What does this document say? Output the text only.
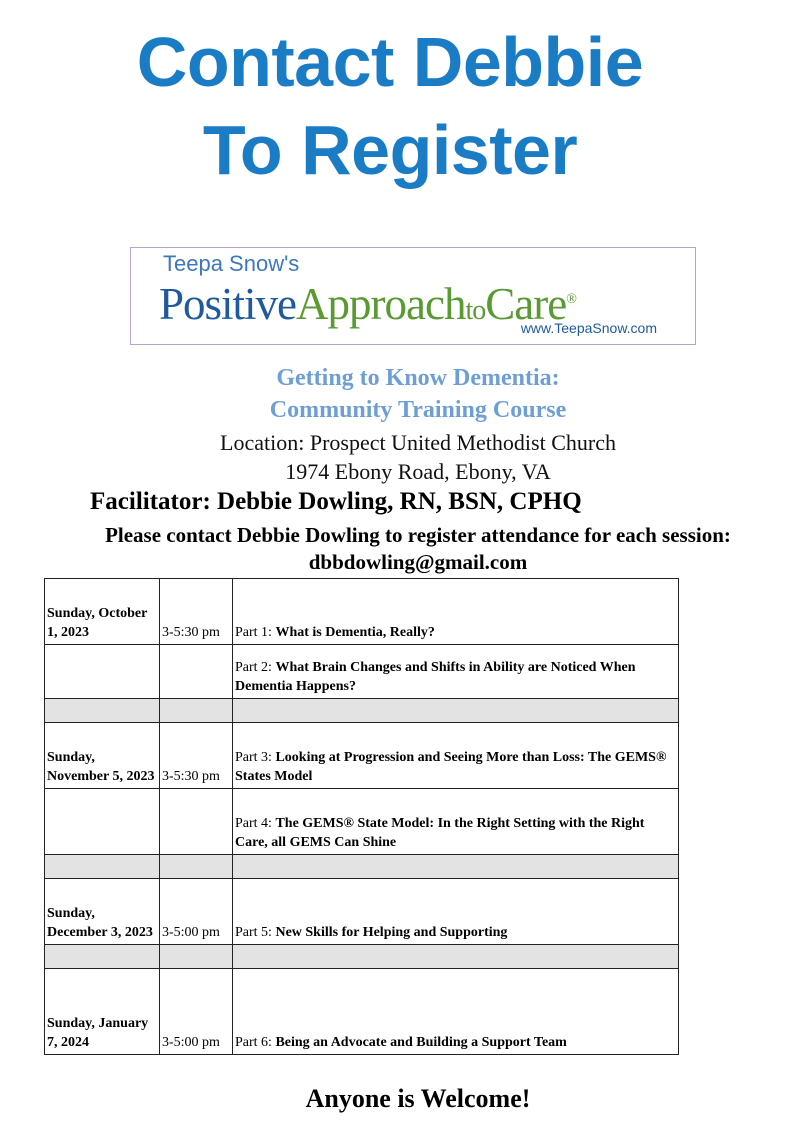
Contact Debbie
To Register
Teepa Snow's
PositiveApproachtoCare®
www.TeepaSnow.com
Getting to Know Dementia:
Community Training Course
Location: Prospect United Methodist Church
1974 Ebony Road, Ebony, VA
Facilitator: Debbie Dowling, RN, BSN, CPHQ
Please contact Debbie Dowling to register attendance for each session:
dbbdowling@gmail.com
Sunday, October 1, 2023	3-5:30 pm	Part 1: What is Dementia, Really?
		Part 2: What Brain Changes and Shifts in Ability are Noticed When Dementia Happens?

Sunday, November 5, 2023	3-5:30 pm	Part 3: Looking at Progression and Seeing More than Loss: The GEMS® States Model
		Part 4: The GEMS® State Model: In the Right Setting with the Right Care, all GEMS Can Shine

Sunday, December 3, 2023	3-5:00 pm	Part 5: New Skills for Helping and Supporting

Sunday, January 7, 2024	3-5:00 pm	Part 6: Being an Advocate and Building a Support Team
Anyone is Welcome!
